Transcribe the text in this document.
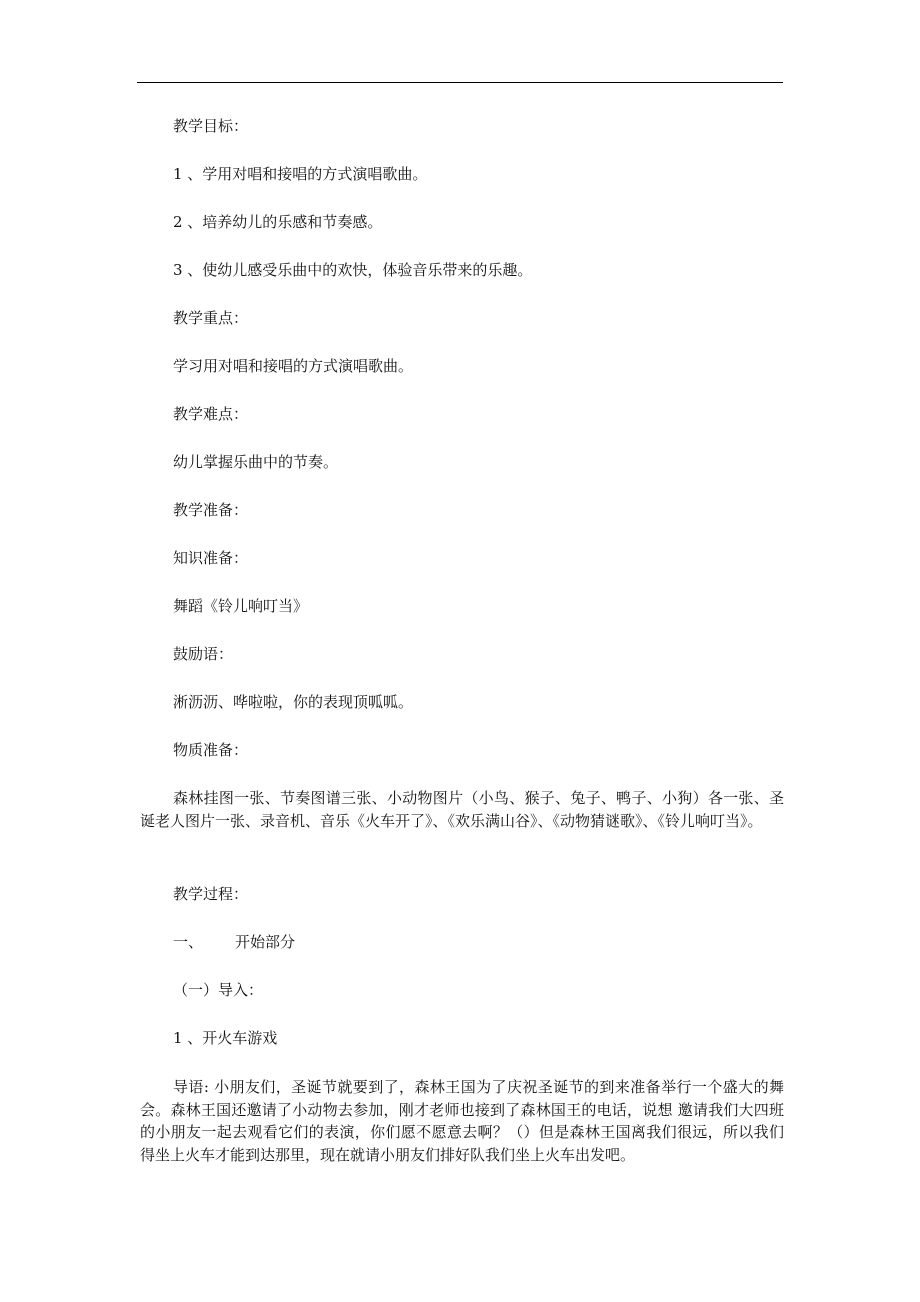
教学目标：
1 、学用对唱和接唱的方式演唱歌曲。
2 、培养幼儿的乐感和节奏感。
3 、使幼儿感受乐曲中的欢快，体验音乐带来的乐趣。
教学重点：
学习用对唱和接唱的方式演唱歌曲。
教学难点：
幼儿掌握乐曲中的节奏。
教学准备：
知识准备：
舞蹈《铃儿响叮当》
鼓励语：
淅沥沥、哗啦啦，你的表现顶呱呱。
物质准备：
森林挂图一张、节奏图谱三张、小动物图片（小鸟、猴子、兔子、鸭子、小狗）各一张、圣诞老人图片一张、录音机、音乐《火车开了》、《欢乐满山谷》、《动物猜谜歌》、《铃儿响叮当》。
教学过程：
一、 开始部分
（一）导入：
1 、开火车游戏
导语: 小朋友们，圣诞节就要到了，森林王国为了庆祝圣诞节的到来准备举行一个盛大的舞会。森林王国还邀请了小动物去参加，刚才老师也接到了森林国王的电话，说想 邀请我们大四班的小朋友一起去观看它们的表演，你们愿不愿意去啊？（）但是森林王国离我们很远，所以我们得坐上火车才能到达那里，现在就请小朋友们排好队我们坐上火车出发吧。
